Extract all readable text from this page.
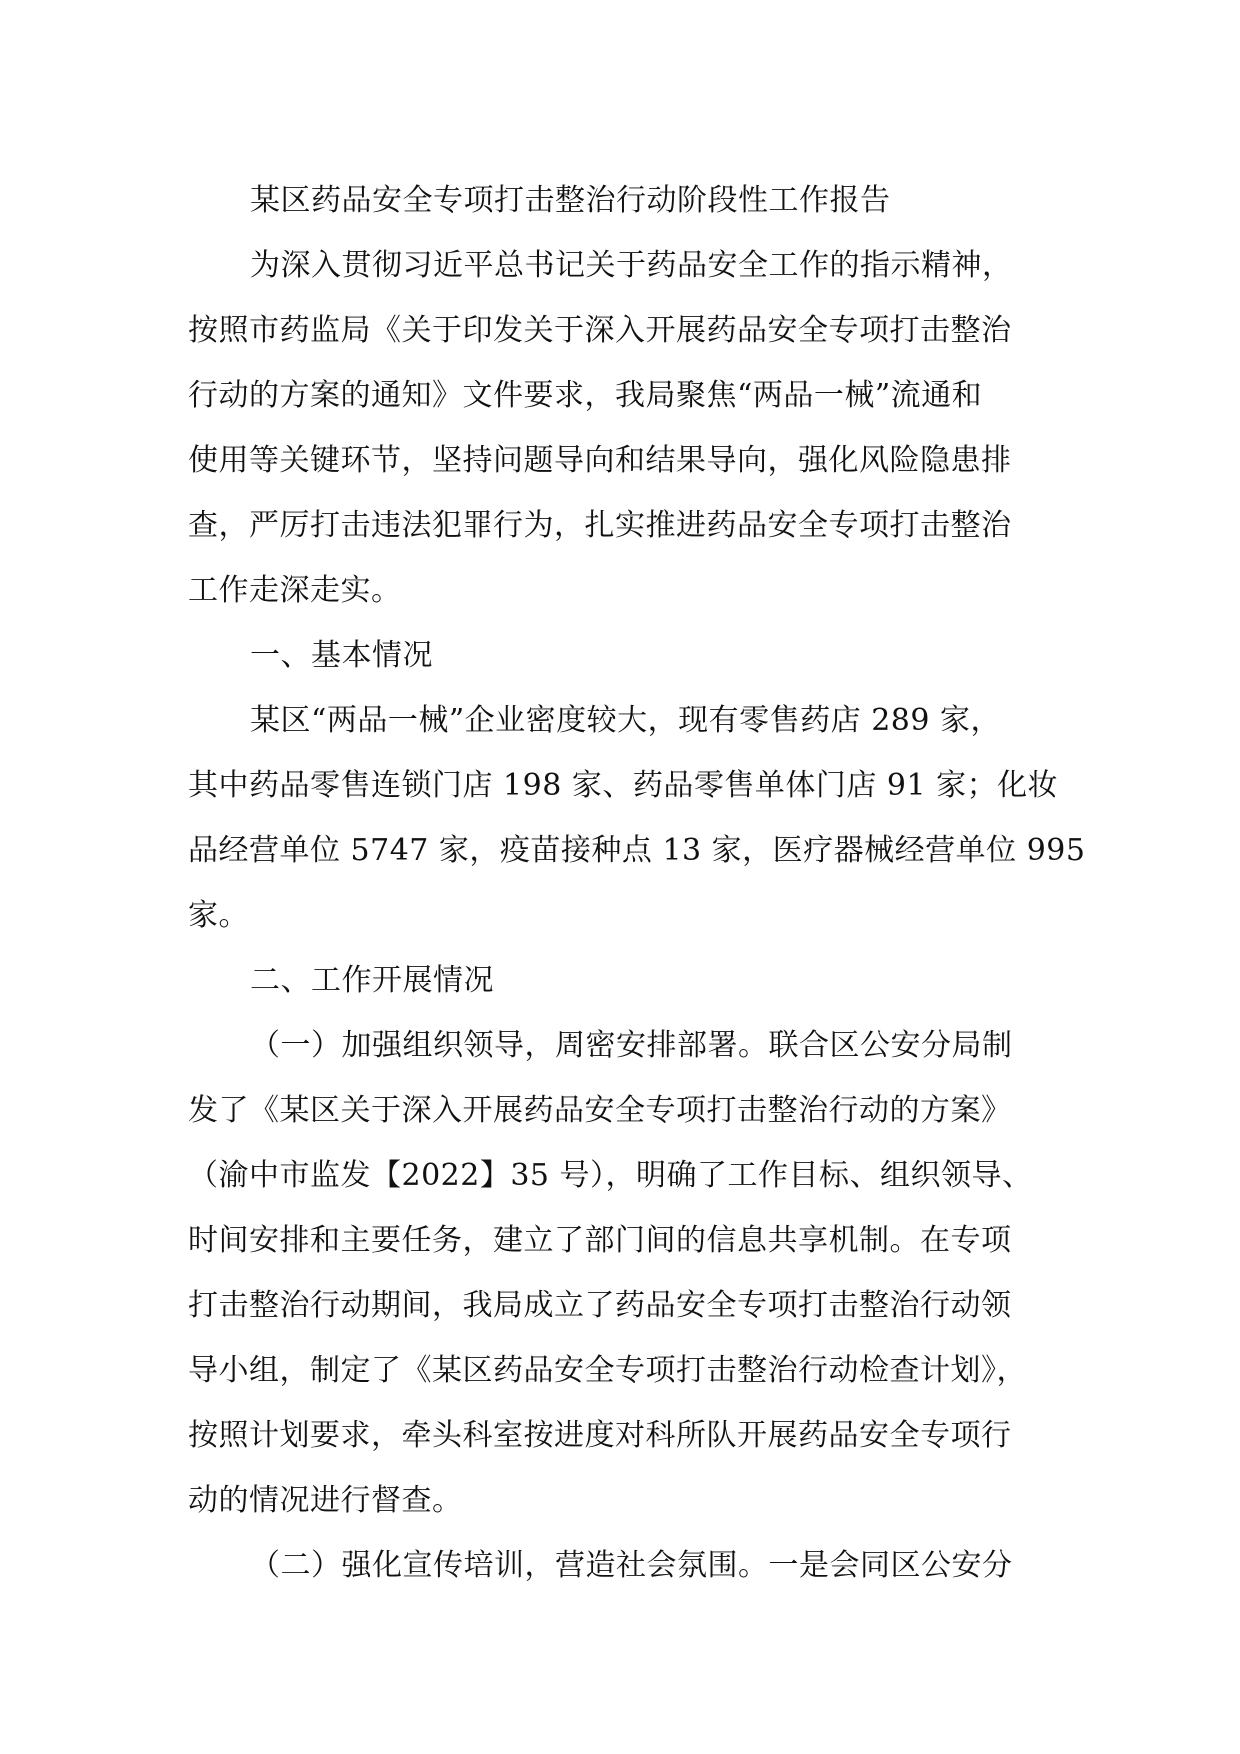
某区药品安全专项打击整治行动阶段性工作报告
为深入贯彻习近平总书记关于药品安全工作的指示精神，
按照市药监局《关于印发关于深入开展药品安全专项打击整治
行动的方案的通知》文件要求，我局聚焦“两品一械”流通和
使用等关键环节，坚持问题导向和结果导向，强化风险隐患排
查，严厉打击违法犯罪行为，扎实推进药品安全专项打击整治
工作走深走实。
一、基本情况
某区“两品一械”企业密度较大，现有零售药店 289 家，
其中药品零售连锁门店 198 家、药品零售单体门店 91 家；化妆
品经营单位 5747 家，疫苗接种点 13 家，医疗器械经营单位 995
家。
二、工作开展情况
（一）加强组织领导，周密安排部署。联合区公安分局制
发了《某区关于深入开展药品安全专项打击整治行动的方案》
（渝中市监发【2022】35 号），明确了工作目标、组织领导、
时间安排和主要任务，建立了部门间的信息共享机制。在专项
打击整治行动期间，我局成立了药品安全专项打击整治行动领
导小组，制定了《某区药品安全专项打击整治行动检查计划》，
按照计划要求，牵头科室按进度对科所队开展药品安全专项行
动的情况进行督查。
（二）强化宣传培训，营造社会氛围。一是会同区公安分
